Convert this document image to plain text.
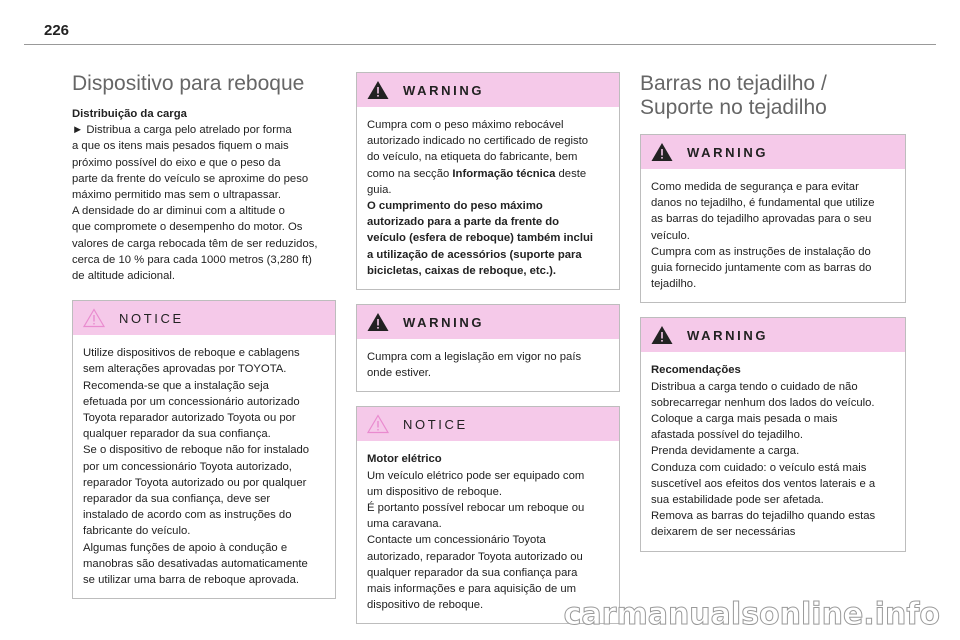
226
Dispositivo para reboque
Distribuição da carga
► Distribua a carga pelo atrelado por forma
a que os itens mais pesados fiquem o mais
próximo possível do eixo e que o peso da
parte da frente do veículo se aproxime do peso
máximo permitido mas sem o ultrapassar.
A densidade do ar diminui com a altitude o
que compromete o desempenho do motor. Os
valores de carga rebocada têm de ser reduzidos,
cerca de 10 % para cada 1000 metros (3,280 ft)
de altitude adicional.
NOTICE
Utilize dispositivos de reboque e cablagens
sem alterações aprovadas por TOYOTA.
Recomenda-se que a instalação seja
efetuada por um concessionário autorizado
Toyota reparador autorizado Toyota ou por
qualquer reparador da sua confiança.
Se o dispositivo de reboque não for instalado
por um concessionário Toyota autorizado,
reparador Toyota autorizado ou por qualquer
reparador da sua confiança, deve ser
instalado de acordo com as instruções do
fabricante do veículo.
Algumas funções de apoio à condução e
manobras são desativadas automaticamente
se utilizar uma barra de reboque aprovada.
WARNING
Cumpra com o peso máximo rebocável
autorizado indicado no certificado de registo
do veículo, na etiqueta do fabricante, bem
como na secção Informação técnica deste
guia.
O cumprimento do peso máximo
autorizado para a parte da frente do
veículo (esfera de reboque) também inclui
a utilização de acessórios (suporte para
bicicletas, caixas de reboque, etc.).
WARNING
Cumpra com a legislação em vigor no país
onde estiver.
NOTICE
Motor elétrico
Um veículo elétrico pode ser equipado com
um dispositivo de reboque.
É portanto possível rebocar um reboque ou
uma caravana.
Contacte um concessionário Toyota
autorizado, reparador Toyota autorizado ou
qualquer reparador da sua confiança para
mais informações e para aquisição de um
dispositivo de reboque.
Barras no tejadilho /
Suporte no tejadilho
WARNING
Como medida de segurança e para evitar
danos no tejadilho, é fundamental que utilize
as barras do tejadilho aprovadas para o seu
veículo.
Cumpra com as instruções de instalação do
guia fornecido juntamente com as barras do
tejadilho.
WARNING
Recomendações
Distribua a carga tendo o cuidado de não
sobrecarregar nenhum dos lados do veículo.
Coloque a carga mais pesada o mais
afastada possível do tejadilho.
Prenda devidamente a carga.
Conduza com cuidado: o veículo está mais
suscetível aos efeitos dos ventos laterais e a
sua estabilidade pode ser afetada.
Remova as barras do tejadilho quando estas
deixarem de ser necessárias
carmanualsonline.info
